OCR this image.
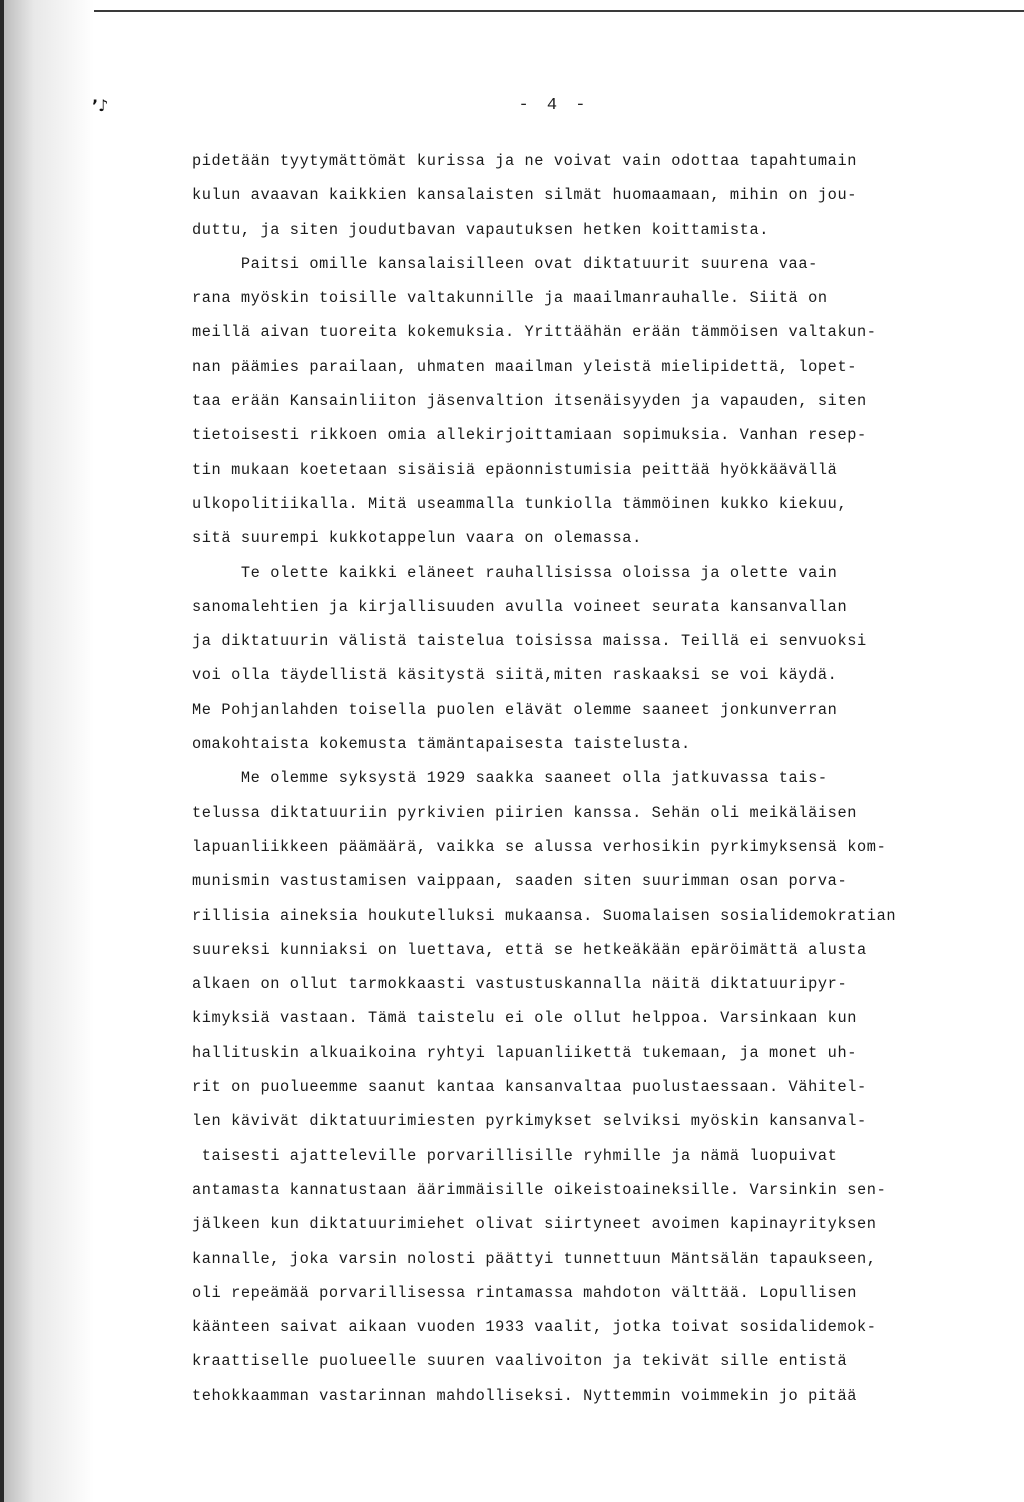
’♪	- 4 -
pidetään tyytymättömät kurissa ja ne voivat vain odottaa tapahtumain
kulun avaavan kaikkien kansalaisten silmät huomaamaan, mihin on jou-
duttu, ja siten joudutbavan vapautuksen hetken koittamista.
Paitsi omille kansalaisilleen ovat diktatuurit suurena vaa-
rana myöskin toisille valtakunnille ja maailmanrauhalle. Siitä on
meillä aivan tuoreita kokemuksia. Yrittäähän erään tämmöisen valtakun-
nan päämies parailaan, uhmaten maailman yleistä mielipidettä, lopet-
taa erään Kansainliiton jäsenvaltion itsenäisyyden ja vapauden, siten
tietoisesti rikkoen omia allekirjoittamiaan sopimuksia. Vanhan resep-
tin mukaan koetetaan sisäisiä epäonnistumisia peittää hyökkäävällä
ulkopolitiikalla. Mitä useammalla tunkiolla tämmöinen kukko kiekuu,
sitä suurempi kukkotappelun vaara on olemassa.
Te olette kaikki eläneet rauhallisissa oloissa ja olette vain
sanomalehtien ja kirjallisuuden avulla voineet seurata kansanvallan
ja diktatuurin välistä taistelua toisissa maissa. Teillä ei senvuoksi
voi olla täydellistä käsitystä siitä,miten raskaaksi se voi käydä.
Me Pohjanlahden toisella puolen elävät olemme saaneet jonkunverran
omakohtaista kokemusta tämäntapaisesta taistelusta.
Me olemme syksystä 1929 saakka saaneet olla jatkuvassa tais-
telussa diktatuuriin pyrkivien piirien kanssa. Sehän oli meikäläisen
lapuanliikkeen päämäärä, vaikka se alussa verhosikin pyrkimyksensä kom-
munismin vastustamisen vaippaan, saaden siten suurimman osan porva-
rillisia aineksia houkutelluksi mukaansa. Suomalaisen sosialidemokratian
suureksi kunniaksi on luettava, että se hetkeäkään epäröimättä alusta
alkaen on ollut tarmokkaasti vastustuskannalla näitä diktatuuripyr-
kimyksiä vastaan. Tämä taistelu ei ole ollut helppoa. Varsinkaan kun
hallituskin alkuaikoina ryhtyi lapuanliikettä tukemaan, ja monet uh-
rit on puolueemme saanut kantaa kansanvaltaa puolustaessaan. Vähitel-
len kävivät diktatuurimiesten pyrkimykset selviksi myöskin kansanval-
taisesti ajatteleville porvarillisille ryhmille ja nämä luopuivat
antamasta kannatustaan äärimmäisille oikeistoaineksille. Varsinkin sen-
jälkeen kun diktatuurimiehet olivat siirtyneet avoimen kapinayrityksen
kannalle, joka varsin nolosti päättyi tunnettuun Mäntsälän tapaukseen,
oli repeämää porvarillisessa rintamassa mahdoton välttää. Lopullisen
käänteen saivat aikaan vuoden 1933 vaalit, jotka toivat sosidalidemok-
kraattiselle puolueelle suuren vaalivoiton ja tekivät sille entistä
tehokkaamman vastarinnan mahdolliseksi. Nyttemmin voimmekin jo pitää
